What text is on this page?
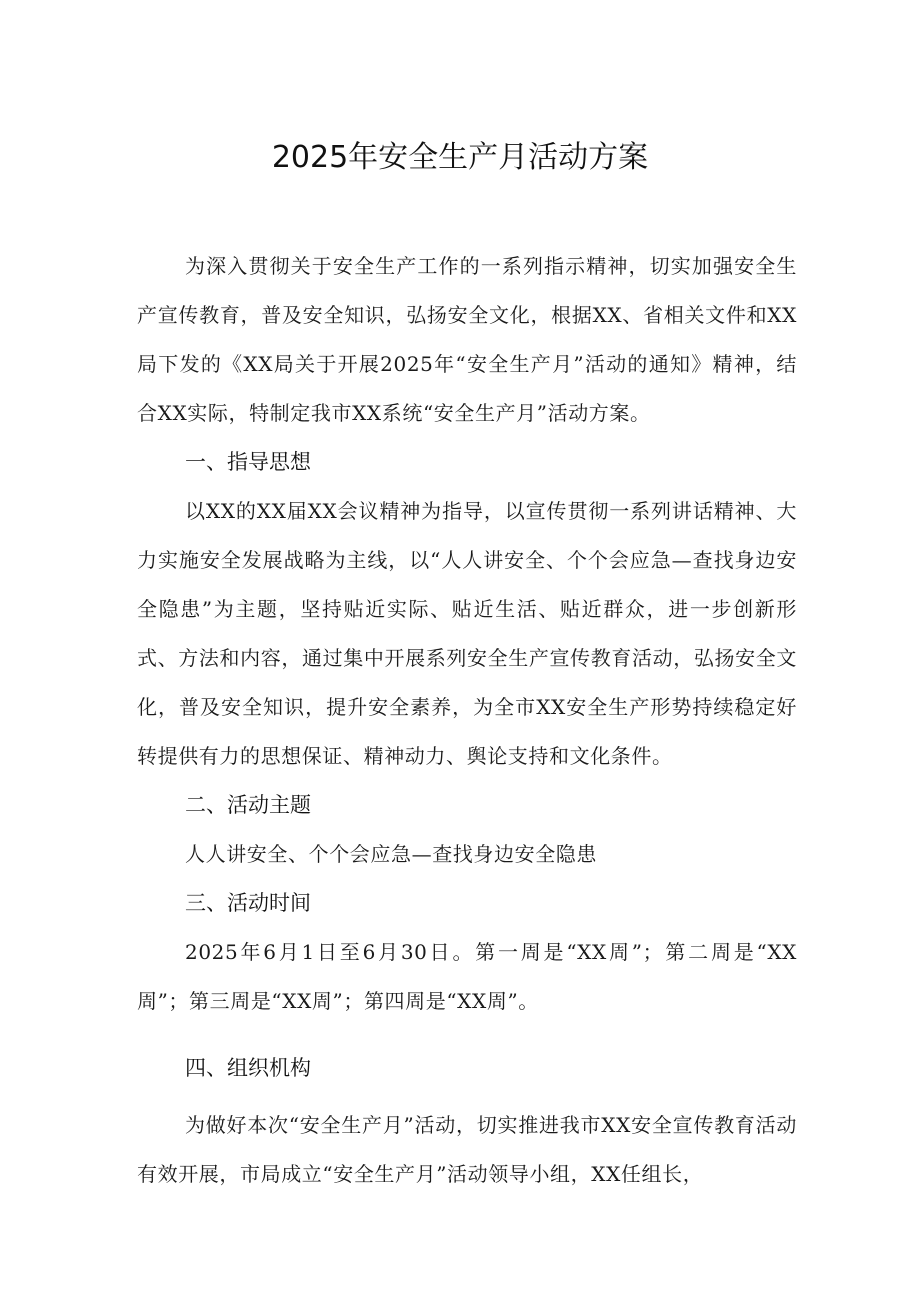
2025年安全生产月活动方案

为深入贯彻关于安全生产工作的一系列指示精神，切实加强安全生产宣传教育，普及安全知识，弘扬安全文化，根据XX、省相关文件和XX局下发的《XX局关于开展2025年“安全生产月”活动的通知》精神，结合XX实际，特制定我市XX系统“安全生产月”活动方案。

一、指导思想

以XX的XX届XX会议精神为指导，以宣传贯彻一系列讲话精神、大力实施安全发展战略为主线，以“人人讲安全、个个会应急—查找身边安全隐患”为主题，坚持贴近实际、贴近生活、贴近群众，进一步创新形式、方法和内容，通过集中开展系列安全生产宣传教育活动，弘扬安全文化，普及安全知识，提升安全素养，为全市XX安全生产形势持续稳定好转提供有力的思想保证、精神动力、舆论支持和文化条件。

二、活动主题

人人讲安全、个个会应急—查找身边安全隐患

三、活动时间

2025年6月1日至6月30日。第一周是“XX周”；第二周是“XX周”；第三周是“XX周”；第四周是“XX周”。

四、组织机构

为做好本次“安全生产月”活动，切实推进我市XX安全宣传教育活动有效开展，市局成立“安全生产月”活动领导小组，XX任组长，
